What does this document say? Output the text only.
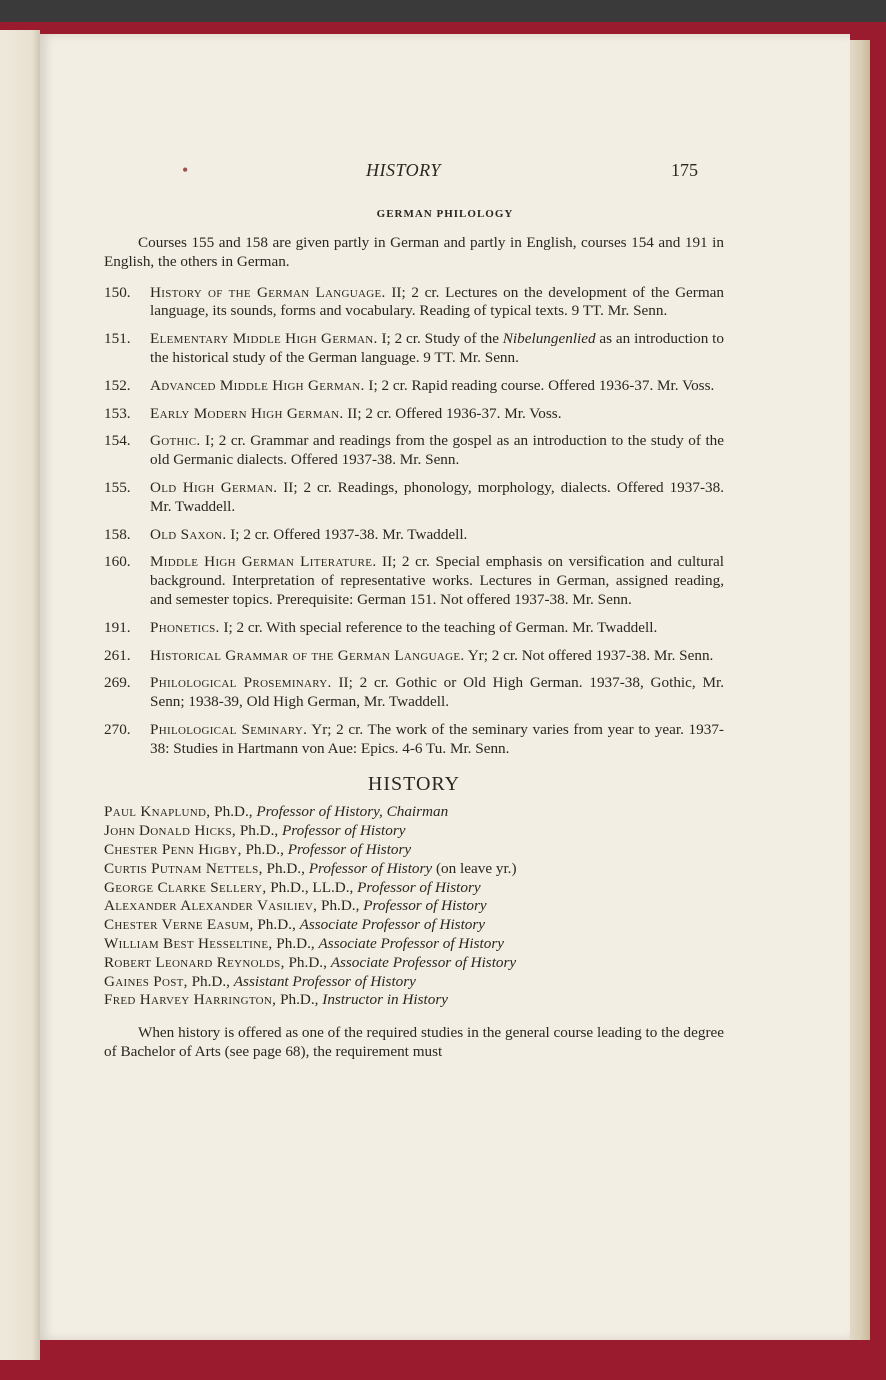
•	HISTORY	175
GERMAN PHILOLOGY

Courses 155 and 158 are given partly in German and partly in English, courses 154 and 191 in English, the others in German.

150. History of the German Language. II; 2 cr. Lectures on the development of the German language, its sounds, forms and vocabulary. Reading of typical texts. 9 TT. Mr. Senn.

151. Elementary Middle High German. I; 2 cr. Study of the Nibelungenlied as an introduction to the historical study of the German language. 9 TT. Mr. Senn.

152. Advanced Middle High German. I; 2 cr. Rapid reading course. Offered 1936-37. Mr. Voss.

153. Early Modern High German. II; 2 cr. Offered 1936-37. Mr. Voss.

154. Gothic. I; 2 cr. Grammar and readings from the gospel as an introduction to the study of the old Germanic dialects. Offered 1937-38. Mr. Senn.

155. Old High German. II; 2 cr. Readings, phonology, morphology, dialects. Offered 1937-38. Mr. Twaddell.

158. Old Saxon. I; 2 cr. Offered 1937-38. Mr. Twaddell.

160. Middle High German Literature. II; 2 cr. Special emphasis on versification and cultural background. Interpretation of representative works. Lectures in German, assigned reading, and semester topics. Prerequisite: German 151. Not offered 1937-38. Mr. Senn.

191. Phonetics. I; 2 cr. With special reference to the teaching of German. Mr. Twaddell.

261. Historical Grammar of the German Language. Yr; 2 cr. Not offered 1937-38. Mr. Senn.

269. Philological Proseminary. II; 2 cr. Gothic or Old High German. 1937-38, Gothic, Mr. Senn; 1938-39, Old High German, Mr. Twaddell.

270. Philological Seminary. Yr; 2 cr. The work of the seminary varies from year to year. 1937-38: Studies in Hartmann von Aue: Epics. 4-6 Tu. Mr. Senn.

HISTORY
Paul Knaplund, Ph.D., Professor of History, Chairman
John Donald Hicks, Ph.D., Professor of History
Chester Penn Higby, Ph.D., Professor of History
Curtis Putnam Nettels, Ph.D., Professor of History (on leave yr.)
George Clarke Sellery, Ph.D., LL.D., Professor of History
Alexander Alexander Vasiliev, Ph.D., Professor of History
Chester Verne Easum, Ph.D., Associate Professor of History
William Best Hesseltine, Ph.D., Associate Professor of History
Robert Leonard Reynolds, Ph.D., Associate Professor of History
Gaines Post, Ph.D., Assistant Professor of History
Fred Harvey Harrington, Ph.D., Instructor in History

When history is offered as one of the required studies in the general course leading to the degree of Bachelor of Arts (see page 68), the requirement must
